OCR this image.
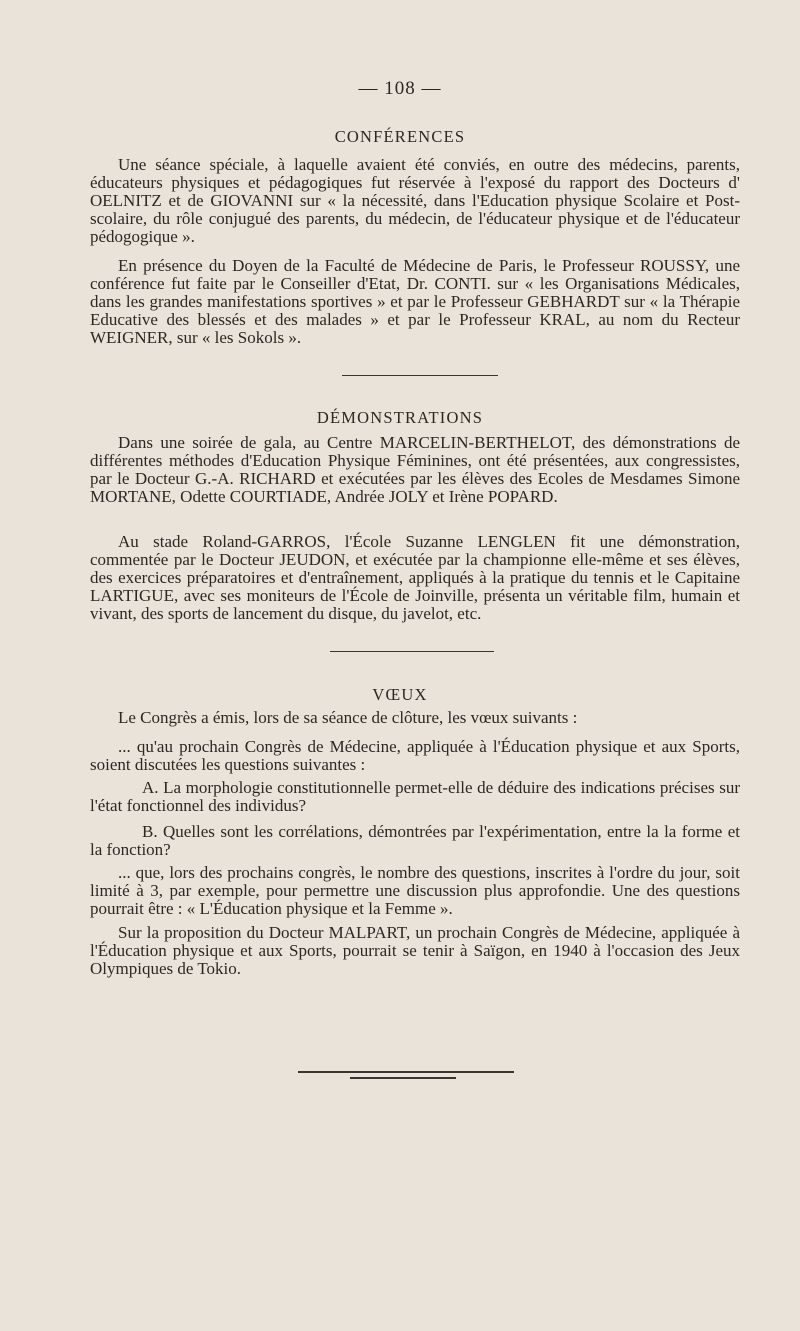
— 108 —
CONFÉRENCES
Une séance spéciale, à laquelle avaient été conviés, en outre des médecins, parents, éducateurs physiques et pédagogiques fut réservée à l'exposé du rapport des Docteurs d' OELNITZ et de GIOVANNI sur « la nécessité, dans l'Education physique Scolaire et Post-scolaire, du rôle conjugué des parents, du médecin, de l'éducateur physique et de l'éducateur pédogogique ».
En présence du Doyen de la Faculté de Médecine de Paris, le Professeur ROUSSY, une conférence fut faite par le Conseiller d'Etat, Dr. CONTI. sur « les Organisations Médicales, dans les grandes manifestations sportives » et par le Professeur GEBHARDT sur « la Thérapie Educative des blessés et des malades » et par le Professeur KRAL, au nom du Recteur WEIGNER, sur « les Sokols ».
DÉMONSTRATIONS
Dans une soirée de gala, au Centre MARCELIN-BERTHELOT, des démonstrations de différentes méthodes d'Education Physique Féminines, ont été présentées, aux congressistes, par le Docteur G.-A. RICHARD et exécutées par les élèves des Ecoles de Mesdames Simone MORTANE, Odette COURTIADE, Andrée JOLY et Irène POPARD.
Au stade Roland-GARROS, l'École Suzanne LENGLEN fit une démonstration, commentée par le Docteur JEUDON, et exécutée par la championne elle-même et ses élèves, des exercices préparatoires et d'entraînement, appliqués à la pratique du tennis et le Capitaine LARTIGUE, avec ses moniteurs de l'École de Joinville, présenta un véritable film, humain et vivant, des sports de lancement du disque, du javelot, etc.
VŒUX
Le Congrès a émis, lors de sa séance de clôture, les vœux suivants :
... qu'au prochain Congrès de Médecine, appliquée à l'Éducation physique et aux Sports, soient discutées les questions suivantes :
A. La morphologie constitutionnelle permet-elle de déduire des indications précises sur l'état fonctionnel des individus?
B. Quelles sont les corrélations, démontrées par l'expérimentation, entre la la forme et la fonction?
... que, lors des prochains congrès, le nombre des questions, inscrites à l'ordre du jour, soit limité à 3, par exemple, pour permettre une discussion plus approfondie. Une des questions pourrait être : « L'Éducation physique et la Femme ».
Sur la proposition du Docteur MALPART, un prochain Congrès de Médecine, appliquée à l'Éducation physique et aux Sports, pourrait se tenir à Saïgon, en 1940 à l'occasion des Jeux Olympiques de Tokio.
